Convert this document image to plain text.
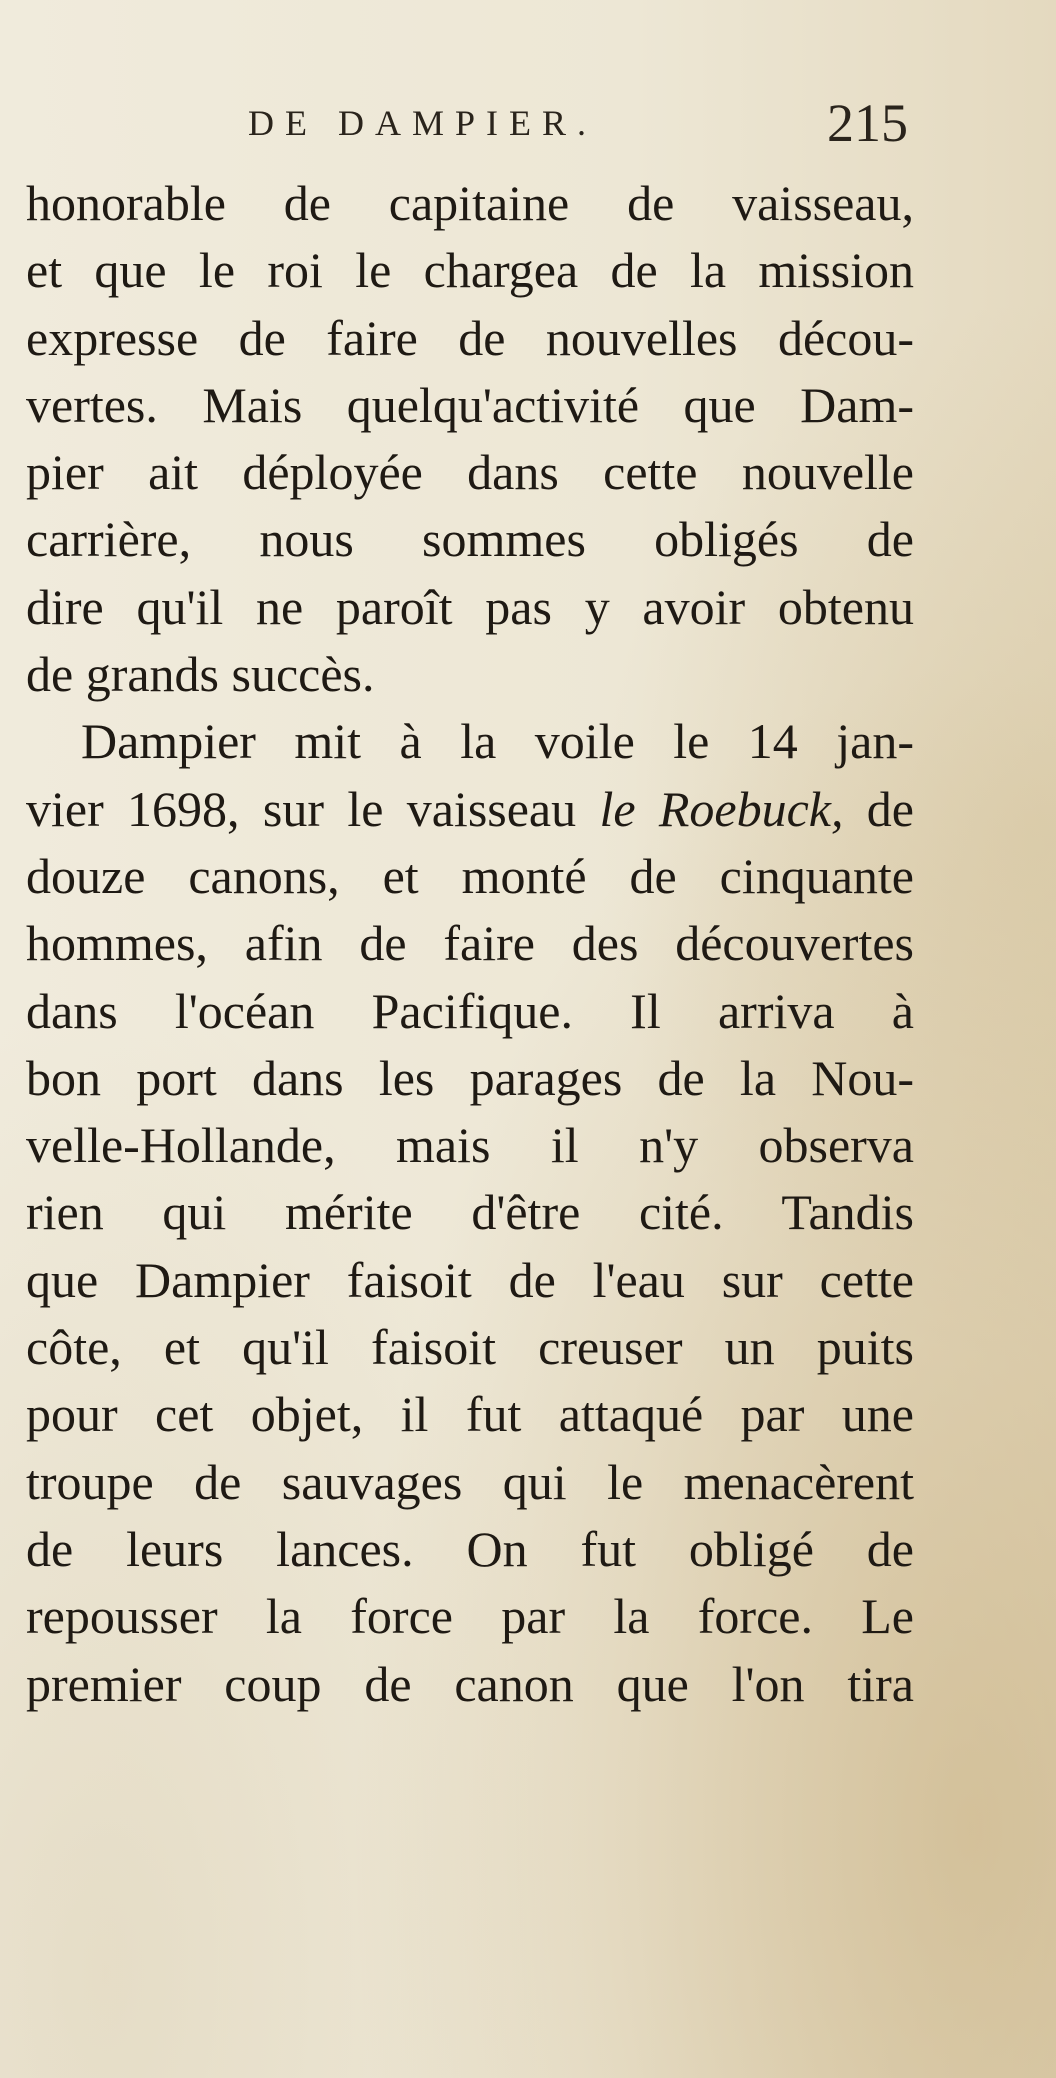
DE DAMPIER.	215
honorable de capitaine de vaisseau,
et que le roi le chargea de la mission
expresse de faire de nouvelles décou-
vertes. Mais quelqu'activité que Dam-
pier ait déployée dans cette nouvelle
carrière, nous sommes obligés de
dire qu'il ne paroît pas y avoir obtenu
de grands succès.
Dampier mit à la voile le 14 jan-
vier 1698, sur le vaisseau le Roebuck, de
douze canons, et monté de cinquante
hommes, afin de faire des découvertes
dans l'océan Pacifique. Il arriva à
bon port dans les parages de la Nou-
velle-Hollande, mais il n'y observa
rien qui mérite d'être cité. Tandis
que Dampier faisoit de l'eau sur cette
côte, et qu'il faisoit creuser un puits
pour cet objet, il fut attaqué par une
troupe de sauvages qui le menacèrent
de leurs lances. On fut obligé de
repousser la force par la force. Le
premier coup de canon que l'on tira
